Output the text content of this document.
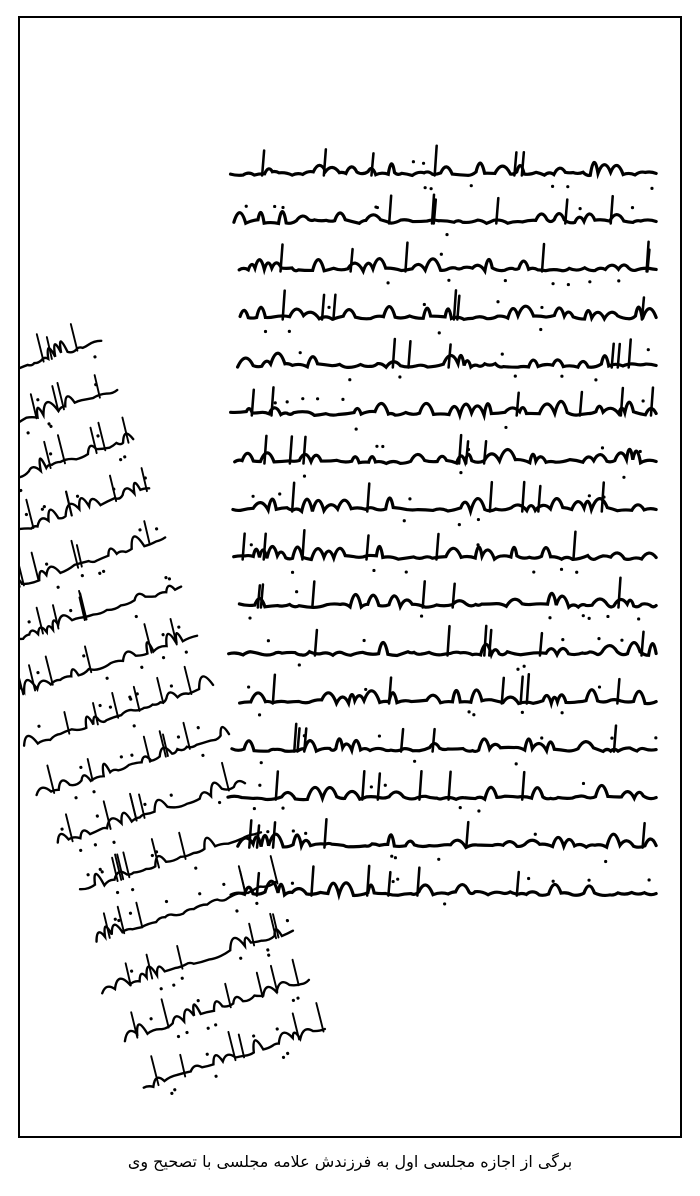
برگی از اجازه مجلسی اول به فرزندش علامه مجلسی با تصحیح وی
